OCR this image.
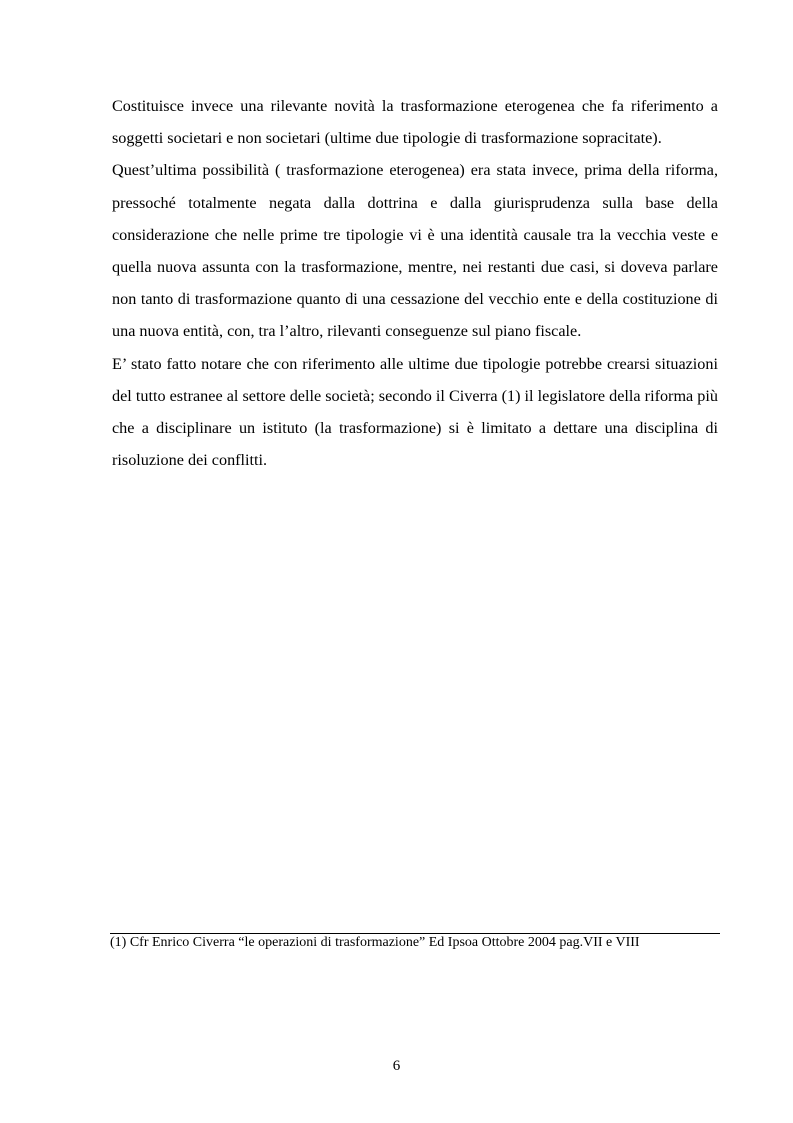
Costituisce invece una rilevante novità la trasformazione eterogenea che fa riferimento a soggetti societari e non societari (ultime due tipologie di trasformazione sopracitate).

Quest’ultima possibilità ( trasformazione eterogenea) era stata invece, prima della riforma, pressoché totalmente negata dalla dottrina e dalla giurisprudenza sulla base della considerazione che nelle prime tre tipologie vi è una identità causale tra la vecchia veste e quella nuova assunta con la trasformazione, mentre, nei restanti due casi, si doveva parlare non tanto di trasformazione quanto di una cessazione del vecchio ente e della costituzione di una nuova entità, con, tra l’altro, rilevanti conseguenze sul piano fiscale.

E’ stato fatto notare che con riferimento alle ultime due tipologie potrebbe crearsi situazioni del tutto estranee al settore delle società; secondo il Civerra (1) il legislatore della riforma più che a disciplinare un istituto (la trasformazione) si è limitato a dettare una disciplina di risoluzione dei conflitti.

(1) Cfr Enrico Civerra “le operazioni di trasformazione” Ed Ipsoa Ottobre 2004 pag.VII e VIII
6
